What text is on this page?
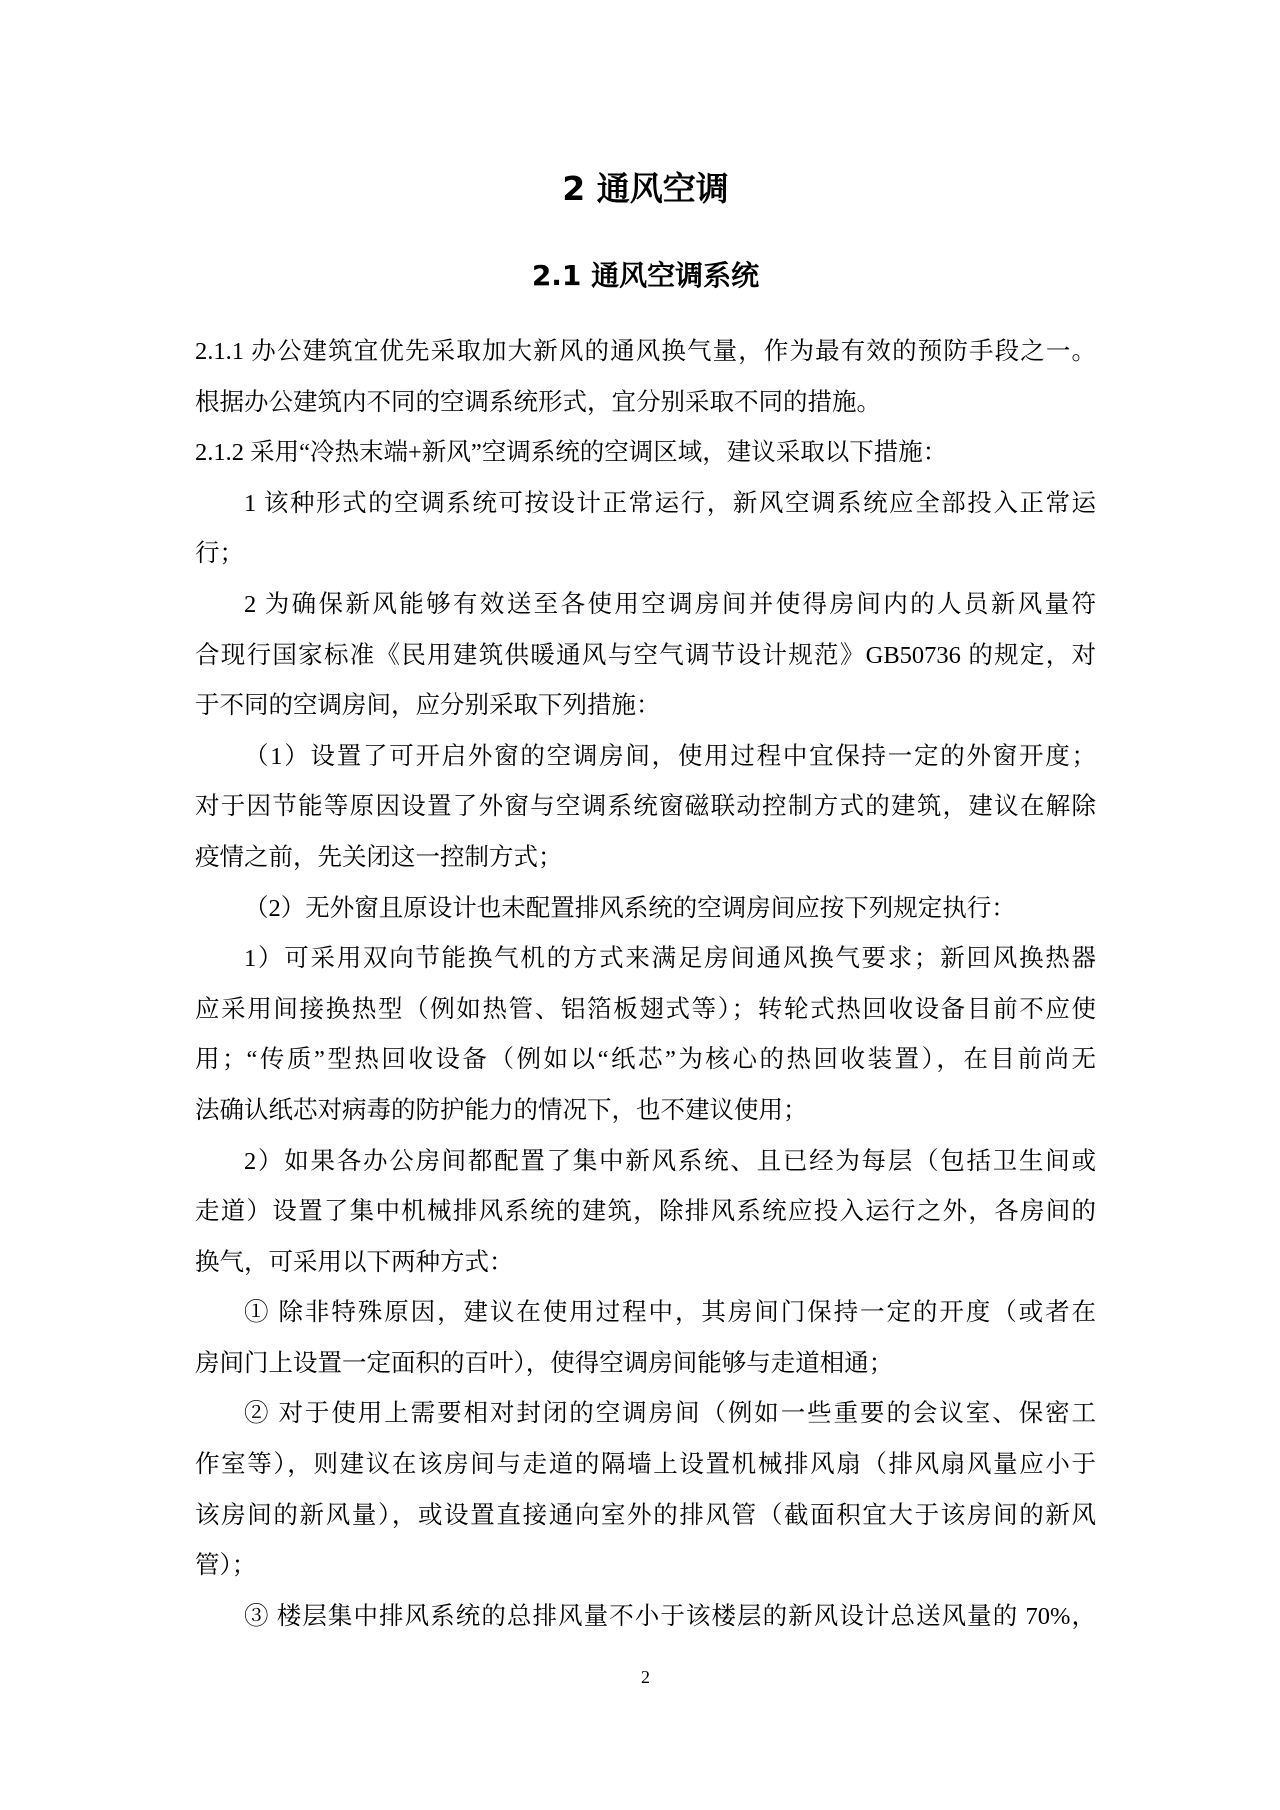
2 通风空调
2.1 通风空调系统
2.1.1 办公建筑宜优先采取加大新风的通风换气量，作为最有效的预防手段之一。
根据办公建筑内不同的空调系统形式，宜分别采取不同的措施。
2.1.2 采用“冷热末端+新风”空调系统的空调区域，建议采取以下措施：
1 该种形式的空调系统可按设计正常运行，新风空调系统应全部投入正常运
行；
2 为确保新风能够有效送至各使用空调房间并使得房间内的人员新风量符
合现行国家标准《民用建筑供暖通风与空气调节设计规范》GB50736 的规定，对
于不同的空调房间，应分别采取下列措施：
（1）设置了可开启外窗的空调房间，使用过程中宜保持一定的外窗开度；
对于因节能等原因设置了外窗与空调系统窗磁联动控制方式的建筑，建议在解除
疫情之前，先关闭这一控制方式；
（2）无外窗且原设计也未配置排风系统的空调房间应按下列规定执行：
1）可采用双向节能换气机的方式来满足房间通风换气要求；新回风换热器
应采用间接换热型（例如热管、铝箔板翅式等）；转轮式热回收设备目前不应使
用；“传质”型热回收设备（例如以“纸芯”为核心的热回收装置），在目前尚无
法确认纸芯对病毒的防护能力的情况下，也不建议使用；
2）如果各办公房间都配置了集中新风系统、且已经为每层（包括卫生间或
走道）设置了集中机械排风系统的建筑，除排风系统应投入运行之外，各房间的
换气，可采用以下两种方式：
① 除非特殊原因，建议在使用过程中，其房间门保持一定的开度（或者在
房间门上设置一定面积的百叶），使得空调房间能够与走道相通；
② 对于使用上需要相对封闭的空调房间（例如一些重要的会议室、保密工
作室等），则建议在该房间与走道的隔墙上设置机械排风扇（排风扇风量应小于
该房间的新风量），或设置直接通向室外的排风管（截面积宜大于该房间的新风
管）；
③ 楼层集中排风系统的总排风量不小于该楼层的新风设计总送风量的 70%，
2
